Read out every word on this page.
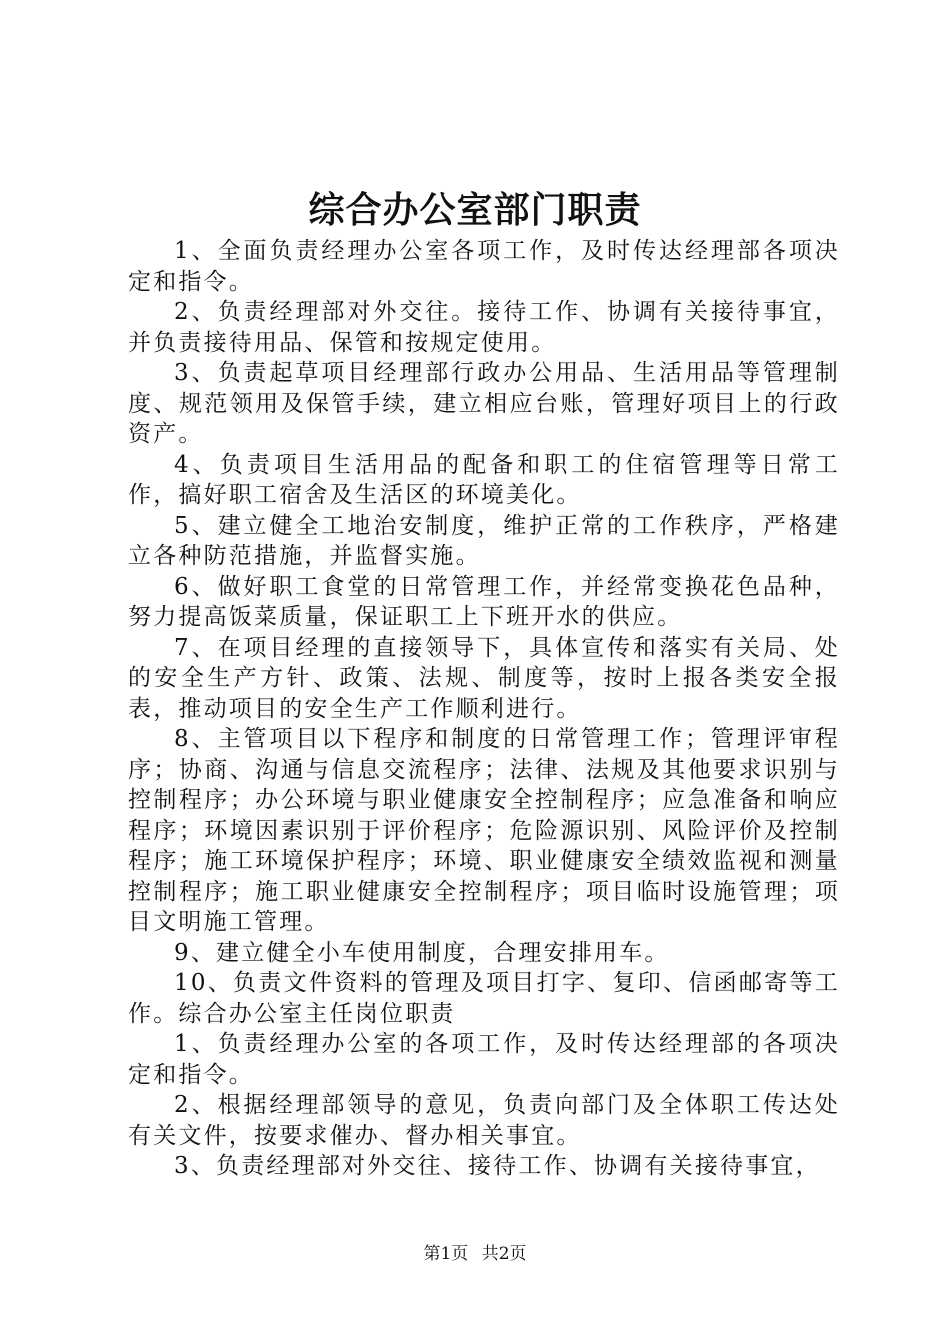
综合办公室部门职责

1、全面负责经理办公室各项工作，及时传达经理部各项决定和指令。

2、负责经理部对外交往。接待工作、协调有关接待事宜，并负责接待用品、保管和按规定使用。

3、负责起草项目经理部行政办公用品、生活用品等管理制度、规范领用及保管手续，建立相应台账，管理好项目上的行政资产。

4、负责项目生活用品的配备和职工的住宿管理等日常工作，搞好职工宿舍及生活区的环境美化。

5、建立健全工地治安制度，维护正常的工作秩序，严格建立各种防范措施，并监督实施。

6、做好职工食堂的日常管理工作，并经常变换花色品种，努力提高饭菜质量，保证职工上下班开水的供应。

7、在项目经理的直接领导下，具体宣传和落实有关局、处的安全生产方针、政策、法规、制度等，按时上报各类安全报表，推动项目的安全生产工作顺利进行。

8、主管项目以下程序和制度的日常管理工作；管理评审程序；协商、沟通与信息交流程序；法律、法规及其他要求识别与控制程序；办公环境与职业健康安全控制程序；应急准备和响应程序；环境因素识别于评价程序；危险源识别、风险评价及控制程序；施工环境保护程序；环境、职业健康安全绩效监视和测量控制程序；施工职业健康安全控制程序；项目临时设施管理；项目文明施工管理。

9、建立健全小车使用制度，合理安排用车。

10、负责文件资料的管理及项目打字、复印、信函邮寄等工作。综合办公室主任岗位职责

1、负责经理办公室的各项工作，及时传达经理部的各项决定和指令。

2、根据经理部领导的意见，负责向部门及全体职工传达处有关文件，按要求催办、督办相关事宜。

3、负责经理部对外交往、接待工作、协调有关接待事宜，

第1页 共2页
